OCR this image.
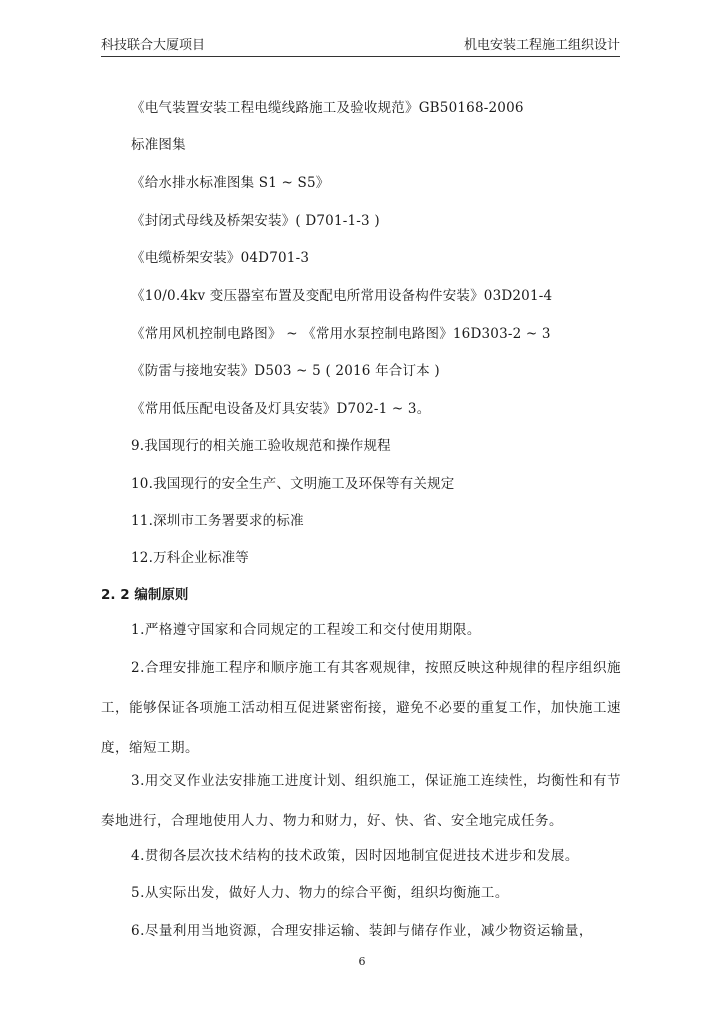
科技联合大厦项目	机电安装工程施工组织设计
《电气装置安装工程电缆线路施工及验收规范》GB50168-2006
标准图集
《给水排水标准图集 S1 ~ S5》
《封闭式母线及桥架安装》( D701-1-3 )
《电缆桥架安装》04D701-3
《10/0.4kv 变压器室布置及变配电所常用设备构件安装》03D201-4
《常用风机控制电路图》 ~ 《常用水泵控制电路图》16D303-2 ~ 3
《防雷与接地安装》D503 ~ 5 ( 2016 年合订本 )
《常用低压配电设备及灯具安装》D702-1 ~ 3。
9.我国现行的相关施工验收规范和操作规程
10.我国现行的安全生产、文明施工及环保等有关规定
11.深圳市工务署要求的标准
12.万科企业标准等
2. 2 编制原则
1.严格遵守国家和合同规定的工程竣工和交付使用期限。
2.合理安排施工程序和顺序施工有其客观规律，按照反映这种规律的程序组织施工，能够保证各项施工活动相互促进紧密衔接，避免不必要的重复工作，加快施工速度，缩短工期。
3.用交叉作业法安排施工进度计划、组织施工，保证施工连续性，均衡性和有节奏地进行，合理地使用人力、物力和财力，好、快、省、安全地完成任务。
4.贯彻各层次技术结构的技术政策，因时因地制宜促进技术进步和发展。
5.从实际出发，做好人力、物力的综合平衡，组织均衡施工。
6.尽量利用当地资源，合理安排运输、装卸与储存作业，减少物资运输量，
6
